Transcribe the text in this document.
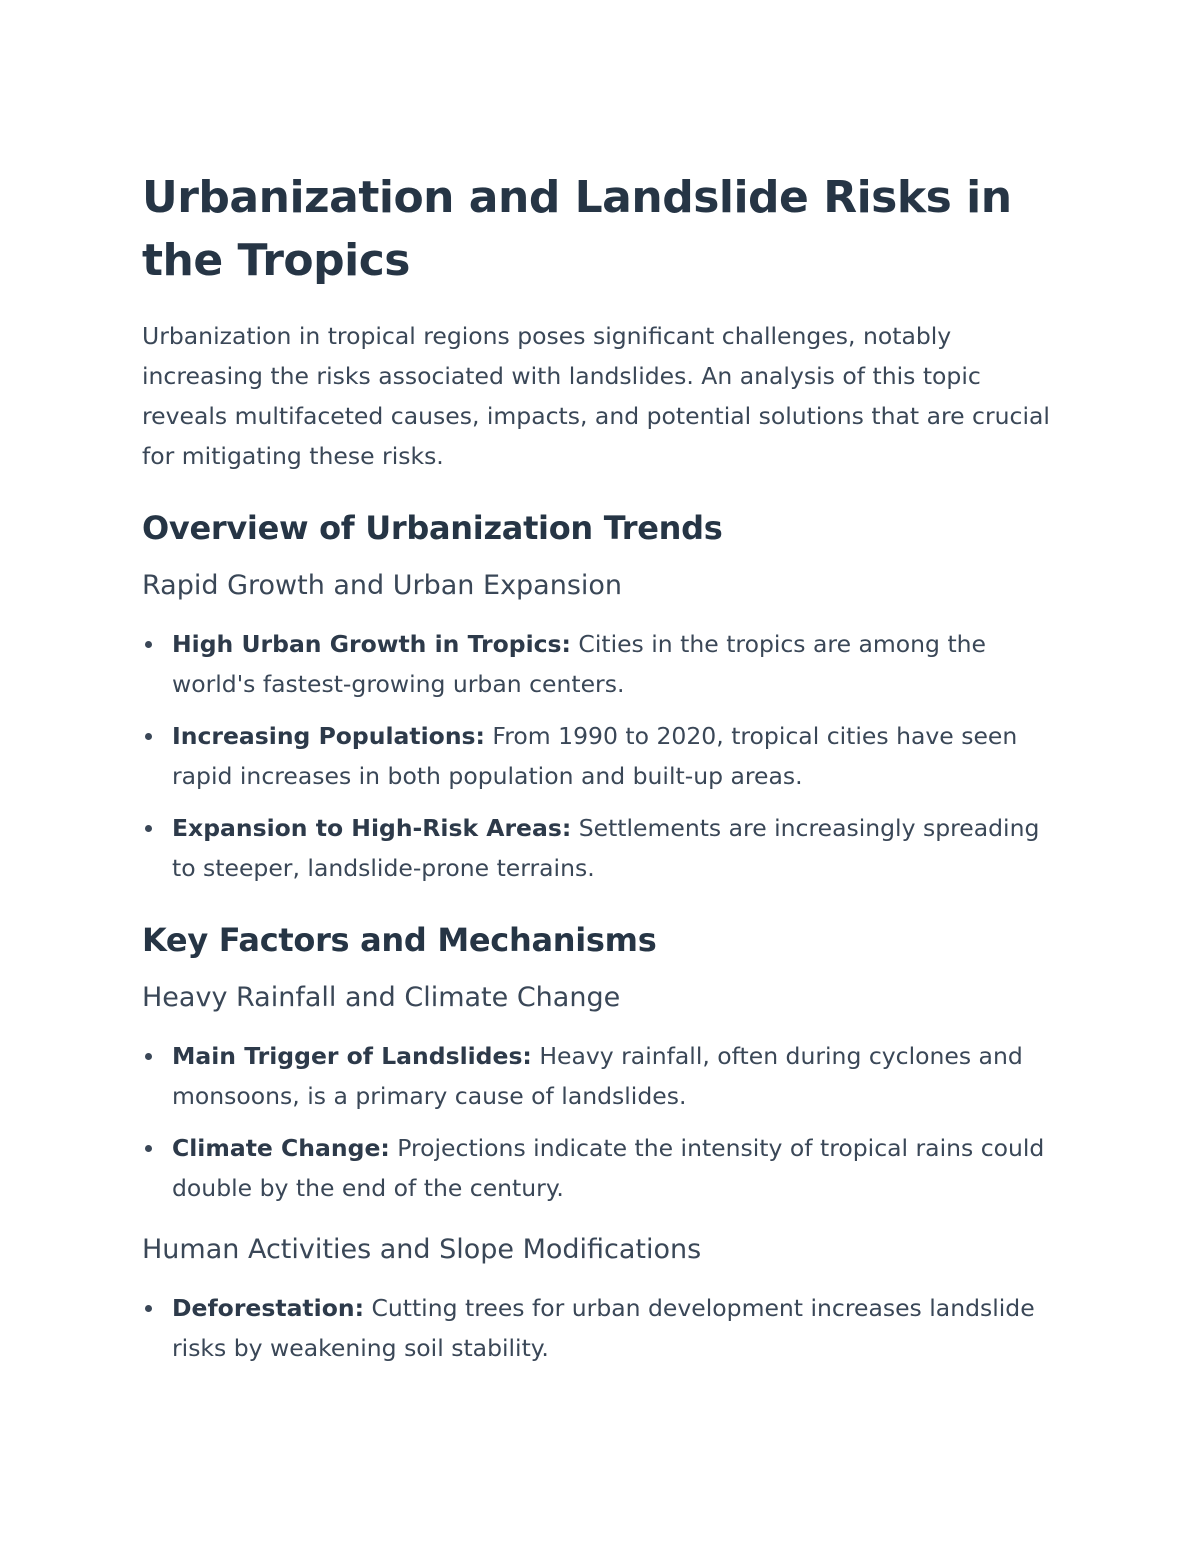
Urbanization and Landslide Risks in the Tropics

Urbanization in tropical regions poses significant challenges, notably increasing the risks associated with landslides. An analysis of this topic reveals multifaceted causes, impacts, and potential solutions that are crucial for mitigating these risks.

Overview of Urbanization Trends
Rapid Growth and Urban Expansion
High Urban Growth in Tropics: Cities in the tropics are among the world's fastest-growing urban centers.
Increasing Populations: From 1990 to 2020, tropical cities have seen rapid increases in both population and built-up areas.
Expansion to High-Risk Areas: Settlements are increasingly spreading to steeper, landslide-prone terrains.
Key Factors and Mechanisms
Heavy Rainfall and Climate Change
Main Trigger of Landslides: Heavy rainfall, often during cyclones and monsoons, is a primary cause of landslides.
Climate Change: Projections indicate the intensity of tropical rains could double by the end of the century.
Human Activities and Slope Modifications
Deforestation: Cutting trees for urban development increases landslide risks by weakening soil stability.
